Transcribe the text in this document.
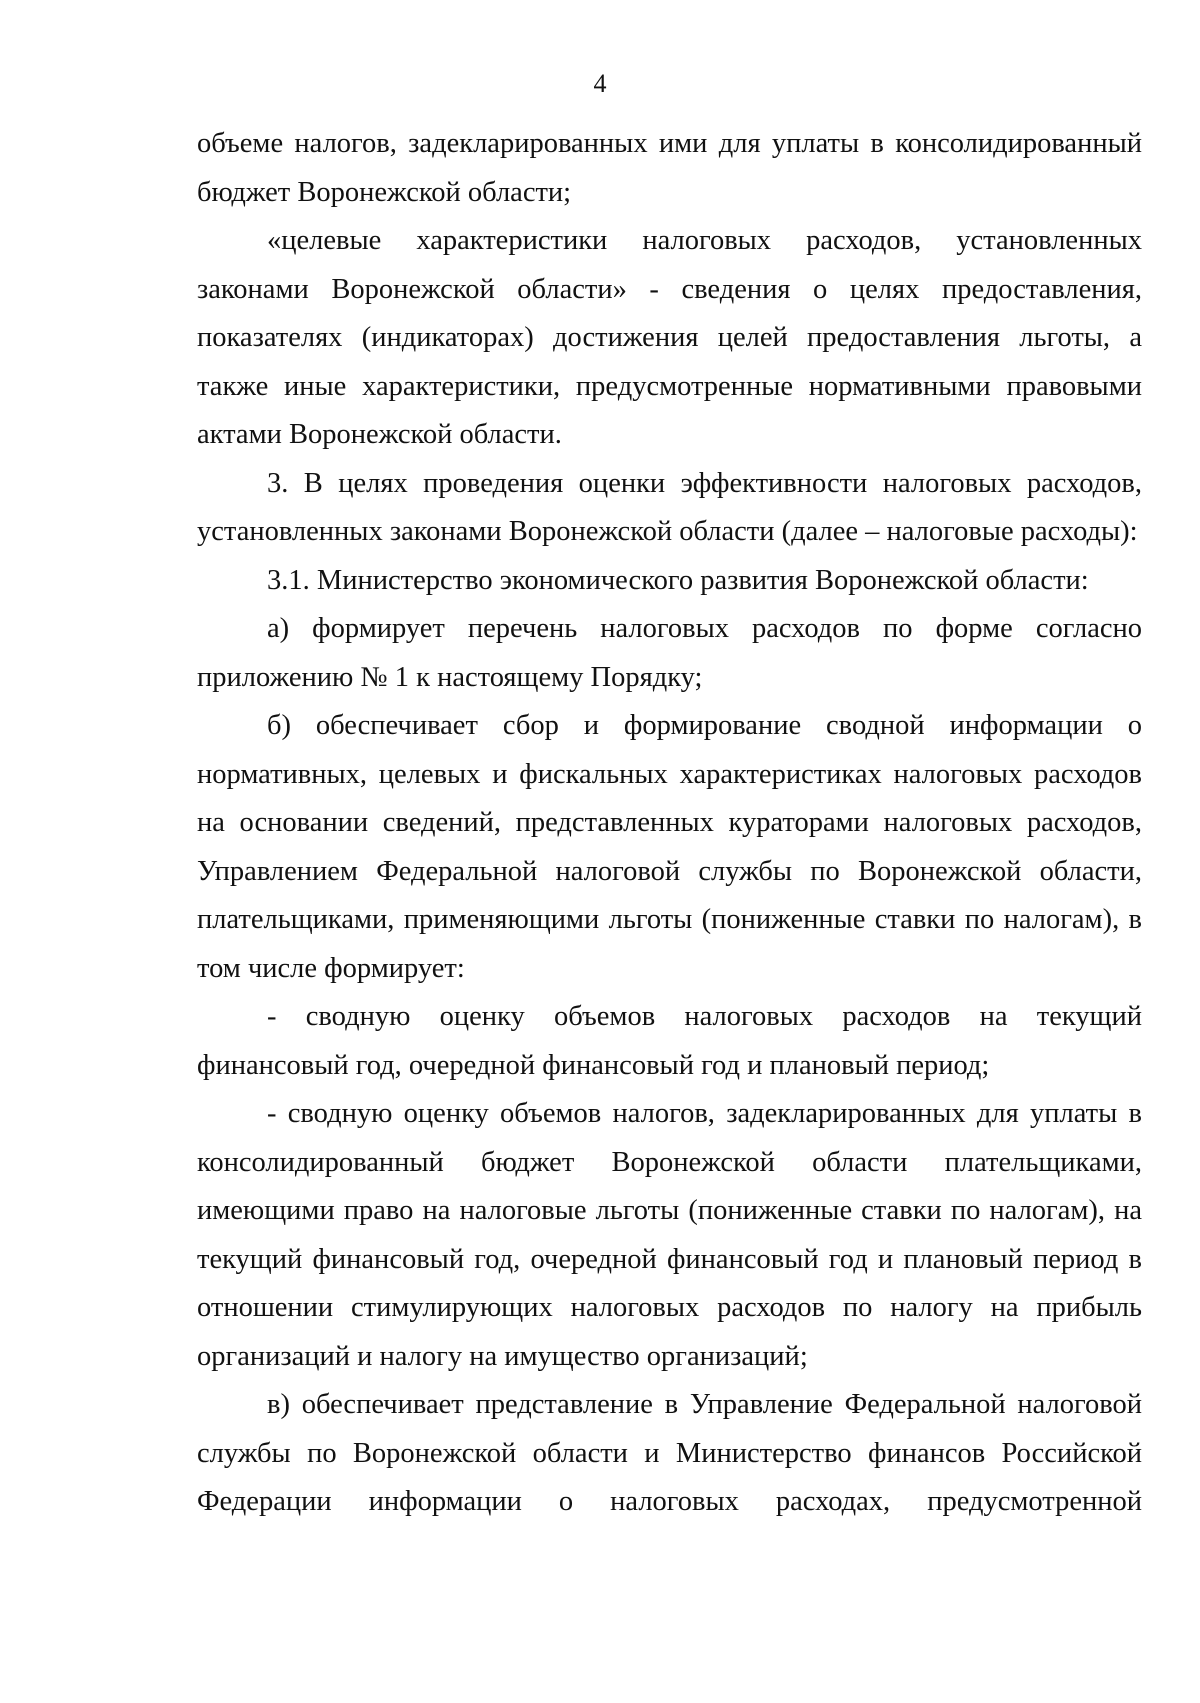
4

объеме налогов, задекларированных ими для уплаты в консолидированный бюджет Воронежской области;

«целевые характеристики налоговых расходов, установленных законами Воронежской области» - сведения о целях предоставления, показателях (индикаторах) достижения целей предоставления льготы, а также иные характеристики, предусмотренные нормативными правовыми актами Воронежской области.

3. В целях проведения оценки эффективности налоговых расходов, установленных законами Воронежской области (далее – налоговые расходы):

3.1. Министерство экономического развития Воронежской области:

а) формирует перечень налоговых расходов по форме согласно приложению № 1 к настоящему Порядку;

б) обеспечивает сбор и формирование сводной информации о нормативных, целевых и фискальных характеристиках налоговых расходов на основании сведений, представленных кураторами налоговых расходов, Управлением Федеральной налоговой службы по Воронежской области, плательщиками, применяющими льготы (пониженные ставки по налогам), в том числе формирует:

- сводную оценку объемов налоговых расходов на текущий финансовый год, очередной финансовый год и плановый период;

- сводную оценку объемов налогов, задекларированных для уплаты в консолидированный бюджет Воронежской области плательщиками, имеющими право на налоговые льготы (пониженные ставки по налогам), на текущий финансовый год, очередной финансовый год и плановый период в отношении стимулирующих налоговых расходов по налогу на прибыль организаций и налогу на имущество организаций;

в) обеспечивает представление в Управление Федеральной налоговой службы по Воронежской области и Министерство финансов Российской Федерации информации о налоговых расходах, предусмотренной
